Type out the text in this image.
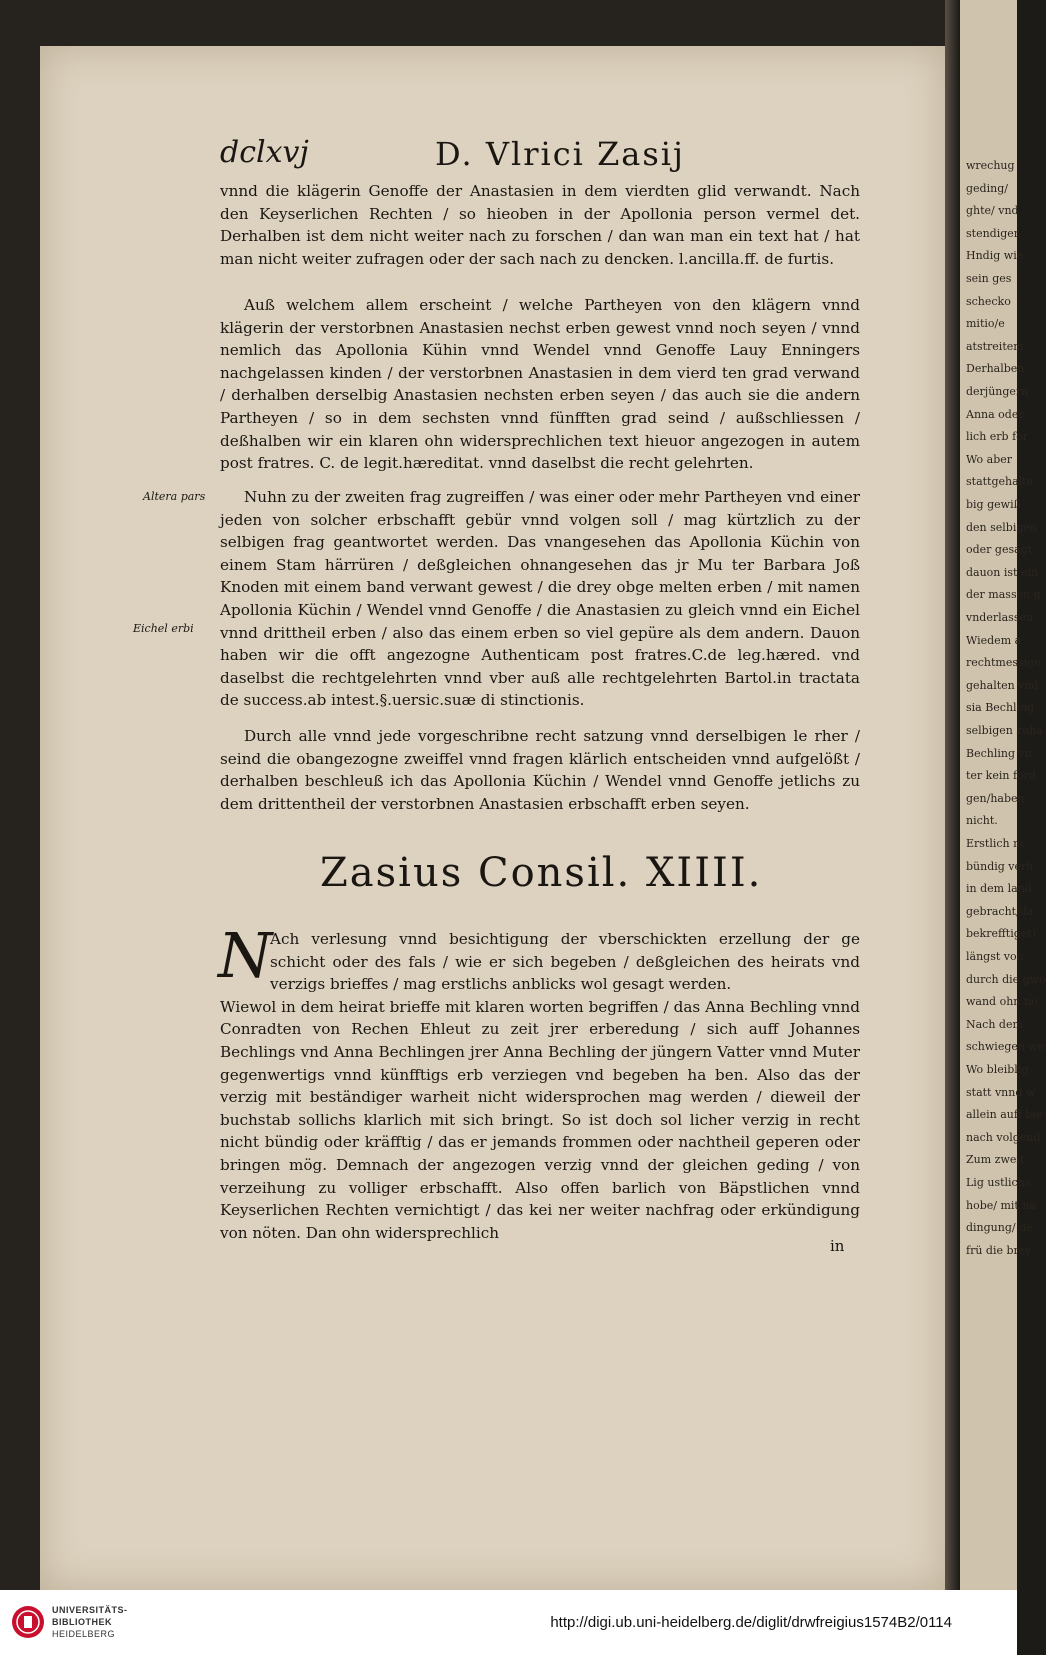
wrechug
geding/
ghte/ vnd
stendiger
Hndig wie
sein ges
schecko
mitio/e
atstreitem
Derhalben
derjüngern
Anna oder
lich erb for
Wo aber
stattgehalte
big gewiß
den selbigen
oder gesagt
dauon ist ein
der massen g
vnderlassen
Wiedem a
rechtmessige
gehalten vnd
sia Bechling
selbigen zuha
Bechling vn
ter kein ford
gen/haben
nicht.
Erstlich m
bündig verh
in dem land
gebracht/da
bekrefftiget)
längst von
durch die gwo
wand ohn no
Nach dem
schwiegen we
Wo bleiblig
statt vnnd w
allein auff bie
nach volgend
Zum zweit
Lig ustlichs
hobe/ mit na
dingung/ de
frü die brey
dclxvj	D. Vlrici Zasij

vnnd die klägerin Genoffe der Anastasien in dem vierdten glid verwandt. Nach den Keyserlichen Rechten / so hieoben in der Apollonia person vermel det. Derhalben ist dem nicht weiter nach zu forschen / dan wan man ein text hat / hat man nicht weiter zufragen oder der sach nach zu dencken. l.ancilla.ff. de furtis.

Auß welchem allem erscheint / welche Partheyen von den klägern vnnd klägerin der verstorbnen Anastasien nechst erben gewest vnnd noch seyen / vnnd nemlich das Apollonia Kühin vnnd Wendel vnnd Genoffe Lauy Enningers nachgelassen kinden / der verstorbnen Anastasien in dem vierd ten grad verwand / derhalben derselbig Anastasien nechsten erben seyen / das auch sie die andern Partheyen / so in dem sechsten vnnd fünfften grad seind / außschliessen / deßhalben wir ein klaren ohn widersprechlichen text hieuor angezogen in autem post fratres. C. de legit.hæreditat. vnnd daselbst die recht gelehrten.

Altera pars	Nuhn zu der zweiten frag zugreiffen / was einer oder mehr Partheyen vnd einer jeden von solcher erbschafft gebür vnnd volgen soll / mag kürtzlich zu der selbigen frag geantwortet werden. Das vnangesehen das Apollonia Küchin von einem Stam härrüren / deßgleichen ohnangesehen das jr Mu ter Barbara Joß Knoden mit einem band verwant gewest / die drey obge melten erben / mit namen Apollonia Küchin / Wendel vnnd Genoffe / die Anastasien zu gleich vnnd ein Eichel vnnd drittheil erben / also das einem erben so viel gepüre als dem andern. Dauon haben wir die offt angezogne Authenticam post fratres.C.de leg.hæred. vnd daselbst die rechtgelehrten vnnd vber auß alle rechtgelehrten Bartol.in tractata de success.ab intest.§.uersic.suæ di stinctionis.

Eichel erbi

Durch alle vnnd jede vorgeschribne recht satzung vnnd derselbigen le rher / seind die obangezogne zweiffel vnnd fragen klärlich entscheiden vnnd aufgelößt / derhalben beschleuß ich das Apollonia Küchin / Wendel vnnd Genoffe jetlichs zu dem drittentheil der verstorbnen Anastasien erbschafft erben seyen.

Zasius Consil. XIIII.
N

Ach verlesung vnnd besichtigung der vberschickten erzellung der ge schicht oder des fals / wie er sich begeben / deßgleichen des heirats vnd verzigs brieffes / mag erstlichs anblicks wol gesagt werden.
Wiewol in dem heirat brieffe mit klaren worten begriffen / das Anna Bechling vnnd Conradten von Rechen Ehleut zu zeit jrer erberedung / sich auff Johannes Bechlings vnd Anna Bechlingen jrer Anna Bechling der jüngern Vatter vnnd Muter gegenwertigs vnnd künfftigs erb verziegen vnd begeben ha ben. Also das der verzig mit beständiger warheit nicht widersprochen mag werden / dieweil der buchstab sollichs klarlich mit sich bringt. So ist doch sol licher verzig in recht nicht bündig oder kräfftig / das er jemands frommen oder nachtheil geperen oder bringen mög. Demnach der angezogen verzig vnnd der gleichen geding / von verzeihung zu volliger erbschafft. Also offen barlich von Bäpstlichen vnnd Keyserlichen Rechten vernichtigt / das kei ner weiter nachfrag oder erkündigung von nöten. Dan ohn widersprechlich

in
UNIVERSITÄTS-
BIBLIOTHEK
HEIDELBERG
http://digi.ub.uni-heidelberg.de/diglit/drwfreigius1574B2/0114
